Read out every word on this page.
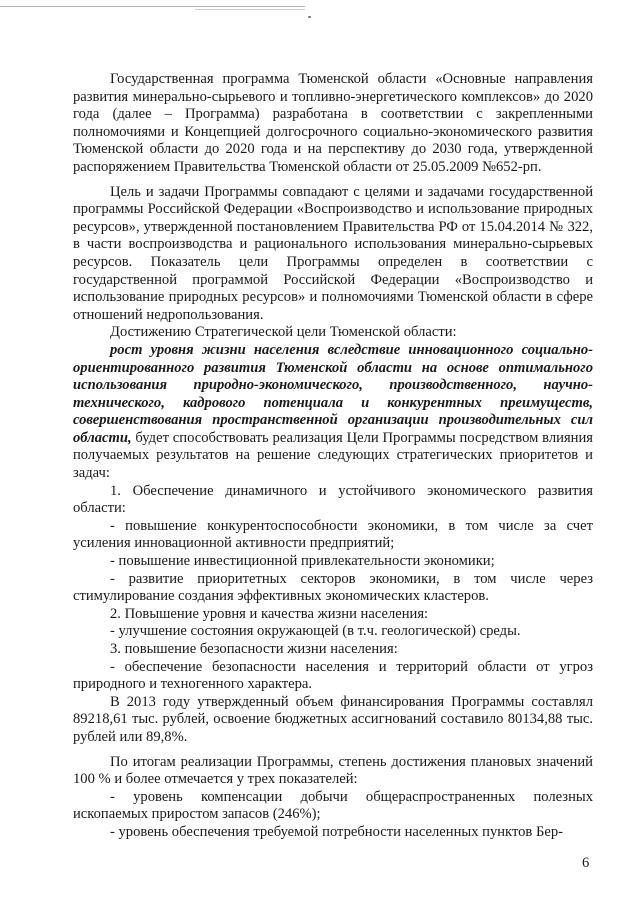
Государственная программа Тюменской области «Основные направления развития минерально-сырьевого и топливно-энергетического комплексов» до 2020 года (далее – Программа) разработана в соответствии с закрепленными полномочиями и Концепцией долгосрочного социально-экономического развития Тюменской области до 2020 года и на перспективу до 2030 года, утвержденной распоряжением Правительства Тюменской области от 25.05.2009 №652-рп.

Цель и задачи Программы совпадают с целями и задачами государственной программы Российской Федерации «Воспроизводство и использование природных ресурсов», утвержденной постановлением Правительства РФ от 15.04.2014 № 322, в части воспроизводства и рационального использования минерально-сырьевых ресурсов. Показатель цели Программы определен в соответствии с государственной программой Российской Федерации «Воспроизводство и использование природных ресурсов» и полномочиями Тюменской области в сфере отношений недропользования.

Достижению Стратегической цели Тюменской области:

рост уровня жизни населения вследствие инновационного социально-ориентированного развития Тюменской области на основе оптимального использования природно-экономического, производственного, научно-технического, кадрового потенциала и конкурентных преимуществ, совершенствования пространственной организации производительных сил области, будет способствовать реализация Цели Программы посредством влияния получаемых результатов на решение следующих стратегических приоритетов и задач:

1. Обеспечение динамичного и устойчивого экономического развития области:

- повышение конкурентоспособности экономики, в том числе за счет усиления инновационной активности предприятий;

- повышение инвестиционной привлекательности экономики;

- развитие приоритетных секторов экономики, в том числе через стимулирование создания эффективных экономических кластеров.

2. Повышение уровня и качества жизни населения:

- улучшение состояния окружающей (в т.ч. геологической) среды.

3. повышение безопасности жизни населения:

- обеспечение безопасности населения и территорий области от угроз природного и техногенного характера.

В 2013 году утвержденный объем финансирования Программы составлял 89218,61 тыс. рублей, освоение бюджетных ассигнований составило 80134,88 тыс. рублей или 89,8%.

По итогам реализации Программы, степень достижения плановых значений 100 % и более отмечается у трех показателей:

- уровень компенсации добычи общераспространенных полезных ископаемых приростом запасов (246%);

- уровень обеспечения требуемой потребности населенных пунктов Бер-

6
